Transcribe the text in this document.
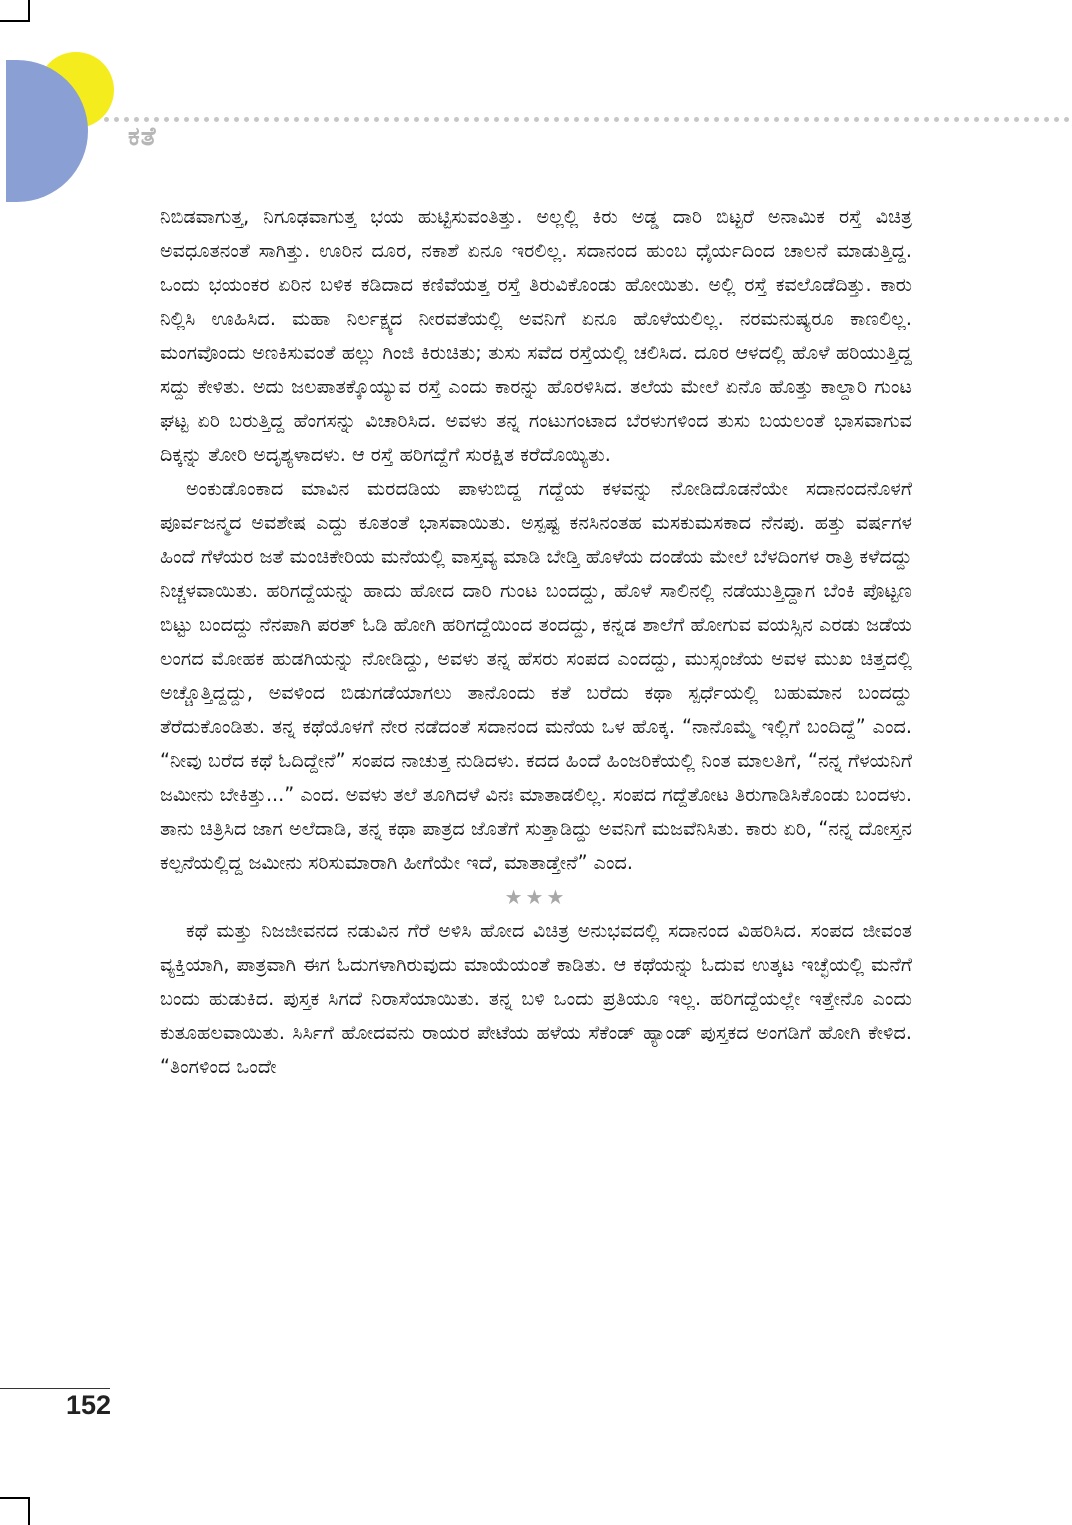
ಕತೆ

ನಿಬಿಡವಾಗುತ್ತ, ನಿಗೂಢವಾಗುತ್ತ ಭಯ ಹುಟ್ಟಿಸುವಂತಿತ್ತು. ಅಲ್ಲಲ್ಲಿ ಕಿರು ಅಡ್ಡ ದಾರಿ ಬಿಟ್ಟರೆ ಅನಾಮಿಕ ರಸ್ತೆ ವಿಚಿತ್ರ ಅವಧೂತನಂತೆ ಸಾಗಿತ್ತು. ಊರಿನ ದೂರ, ನಕಾಶೆ ಏನೂ ಇರಲಿಲ್ಲ. ಸದಾನಂದ ಹುಂಬ ಧೈರ್ಯದಿಂದ ಚಾಲನೆ ಮಾಡುತ್ತಿದ್ದ. ಒಂದು ಭಯಂಕರ ಏರಿನ ಬಳಿಕ ಕಡಿದಾದ ಕಣಿವೆಯತ್ತ ರಸ್ತೆ ತಿರುವಿಕೊಂಡು ಹೋಯಿತು. ಅಲ್ಲಿ ರಸ್ತೆ ಕವಲೊಡೆದಿತ್ತು. ಕಾರು ನಿಲ್ಲಿಸಿ ಊಹಿಸಿದ. ಮಹಾ ನಿರ್ಲಕ್ಷ್ಯದ ನೀರವತೆಯಲ್ಲಿ ಅವನಿಗೆ ಏನೂ ಹೊಳೆಯಲಿಲ್ಲ. ನರಮನುಷ್ಯರೂ ಕಾಣಲಿಲ್ಲ. ಮಂಗವೊಂದು ಅಣಕಿಸುವಂತೆ ಹಲ್ಲು ಗಿಂಜಿ ಕಿರುಚಿತು; ತುಸು ಸವೆದ ರಸ್ತೆಯಲ್ಲಿ ಚಲಿಸಿದ. ದೂರ ಆಳದಲ್ಲಿ ಹೊಳೆ ಹರಿಯುತ್ತಿದ್ದ ಸದ್ದು ಕೇಳಿತು. ಅದು ಜಲಪಾತಕ್ಕೊಯ್ಯುವ ರಸ್ತೆ ಎಂದು ಕಾರನ್ನು ಹೊರಳಿಸಿದ. ತಲೆಯ ಮೇಲೆ ಏನೊ ಹೊತ್ತು ಕಾಲ್ದಾರಿ ಗುಂಟ ಘಟ್ಟ ಏರಿ ಬರುತ್ತಿದ್ದ ಹೆಂಗಸನ್ನು ವಿಚಾರಿಸಿದ. ಅವಳು ತನ್ನ ಗಂಟುಗಂಟಾದ ಬೆರಳುಗಳಿಂದ ತುಸು ಬಯಲಂತೆ ಭಾಸವಾಗುವ ದಿಕ್ಕನ್ನು ತೋರಿ ಅದೃಶ್ಯಳಾದಳು. ಆ ರಸ್ತೆ ಹರಿಗದ್ದೆಗೆ ಸುರಕ್ಷಿತ ಕರೆದೊಯ್ಯಿತು.

ಅಂಕುಡೊಂಕಾದ ಮಾವಿನ ಮರದಡಿಯ ಪಾಳುಬಿದ್ದ ಗದ್ದೆಯ ಕಳವನ್ನು ನೋಡಿದೊಡನೆಯೇ ಸದಾನಂದನೊಳಗೆ ಪೂರ್ವಜನ್ಮದ ಅವಶೇಷ ಎದ್ದು ಕೂತಂತೆ ಭಾಸವಾಯಿತು. ಅಸ್ಪಷ್ಟ ಕನಸಿನಂತಹ ಮಸಕುಮಸಕಾದ ನೆನಪು. ಹತ್ತು ವರ್ಷಗಳ ಹಿಂದೆ ಗೆಳೆಯರ ಜತೆ ಮಂಚಿಕೇರಿಯ ಮನೆಯಲ್ಲಿ ವಾಸ್ತವ್ಯ ಮಾಡಿ ಬೇಡ್ತಿ ಹೊಳೆಯ ದಂಡೆಯ ಮೇಲೆ ಬೆಳದಿಂಗಳ ರಾತ್ರಿ ಕಳೆದದ್ದು ನಿಚ್ಚಳವಾಯಿತು. ಹರಿಗದ್ದೆಯನ್ನು ಹಾದು ಹೋದ ದಾರಿ ಗುಂಟ ಬಂದದ್ದು, ಹೊಳೆ ಸಾಲಿನಲ್ಲಿ ನಡೆಯುತ್ತಿದ್ದಾಗ ಬೆಂಕಿ ಪೊಟ್ಟಣ ಬಿಟ್ಟು ಬಂದದ್ದು ನೆನಪಾಗಿ ಪರತ್ ಓಡಿ ಹೋಗಿ ಹರಿಗದ್ದೆಯಿಂದ ತಂದದ್ದು, ಕನ್ನಡ ಶಾಲೆಗೆ ಹೋಗುವ ವಯಸ್ಸಿನ ಎರಡು ಜಡೆಯ ಲಂಗದ ಮೋಹಕ ಹುಡಗಿಯನ್ನು ನೋಡಿದ್ದು, ಅವಳು ತನ್ನ ಹೆಸರು ಸಂಪದ ಎಂದದ್ದು, ಮುಸ್ಸಂಜೆಯ ಅವಳ ಮುಖ ಚಿತ್ತದಲ್ಲಿ ಅಚ್ಚೊತ್ತಿದ್ದದ್ದು, ಅವಳಿಂದ ಬಿಡುಗಡೆಯಾಗಲು ತಾನೊಂದು ಕತೆ ಬರೆದು ಕಥಾ ಸ್ಪರ್ಧೆಯಲ್ಲಿ ಬಹುಮಾನ ಬಂದದ್ದು ತೆರೆದುಕೊಂಡಿತು. ತನ್ನ ಕಥೆಯೊಳಗೆ ನೇರ ನಡೆದಂತೆ ಸದಾನಂದ ಮನೆಯ ಒಳ ಹೊಕ್ಕ. “ನಾನೊಮ್ಮೆ ಇಲ್ಲಿಗೆ ಬಂದಿದ್ದೆ” ಎಂದ. “ನೀವು ಬರೆದ ಕಥೆ ಓದಿದ್ದೇನೆ” ಸಂಪದ ನಾಚುತ್ತ ನುಡಿದಳು. ಕದದ ಹಿಂದೆ ಹಿಂಜರಿಕೆಯಲ್ಲಿ ನಿಂತ ಮಾಲತಿಗೆ, “ನನ್ನ ಗೆಳಯನಿಗೆ ಜಮೀನು ಬೇಕಿತ್ತು...” ಎಂದ. ಅವಳು ತಲೆ ತೂಗಿದಳೆ ವಿನಃ ಮಾತಾಡಲಿಲ್ಲ. ಸಂಪದ ಗದ್ದೆತೋಟ ತಿರುಗಾಡಿಸಿಕೊಂಡು ಬಂದಳು. ತಾನು ಚಿತ್ರಿಸಿದ ಜಾಗ ಅಲೆದಾಡಿ, ತನ್ನ ಕಥಾ ಪಾತ್ರದ ಜೊತೆಗೆ ಸುತ್ತಾಡಿದ್ದು ಅವನಿಗೆ ಮಜವೆನಿಸಿತು. ಕಾರು ಏರಿ, “ನನ್ನ ದೋಸ್ತನ ಕಲ್ಪನೆಯಲ್ಲಿದ್ದ ಜಮೀನು ಸರಿಸುಮಾರಾಗಿ ಹೀಗೆಯೇ ಇದೆ, ಮಾತಾಡ್ತೇನೆ” ಎಂದ.

★★★

ಕಥೆ ಮತ್ತು ನಿಜಜೀವನದ ನಡುವಿನ ಗೆರೆ ಅಳಿಸಿ ಹೋದ ವಿಚಿತ್ರ ಅನುಭವದಲ್ಲಿ ಸದಾನಂದ ವಿಹರಿಸಿದ. ಸಂಪದ ಜೀವಂತ ವ್ಯಕ್ತಿಯಾಗಿ, ಪಾತ್ರವಾಗಿ ಈಗ ಓದುಗಳಾಗಿರುವುದು ಮಾಯೆಯಂತೆ ಕಾಡಿತು. ಆ ಕಥೆಯನ್ನು ಓದುವ ಉತ್ಕಟ ಇಚ್ಛೆಯಲ್ಲಿ ಮನೆಗೆ ಬಂದು ಹುಡುಕಿದ. ಪುಸ್ತಕ ಸಿಗದೆ ನಿರಾಸೆಯಾಯಿತು. ತನ್ನ ಬಳಿ ಒಂದು ಪ್ರತಿಯೂ ಇಲ್ಲ. ಹರಿಗದ್ದೆಯಲ್ಲೇ ಇತ್ತೇನೊ ಎಂದು ಕುತೂಹಲವಾಯಿತು. ಸಿರ್ಸಿಗೆ ಹೋದವನು ರಾಯರ ಪೇಟೆಯ ಹಳೆಯ ಸೆಕೆಂಡ್ ಹ್ಯಾಂಡ್ ಪುಸ್ತಕದ ಅಂಗಡಿಗೆ ಹೋಗಿ ಕೇಳಿದ. “ತಿಂಗಳಿಂದ ಒಂದೇ

152
